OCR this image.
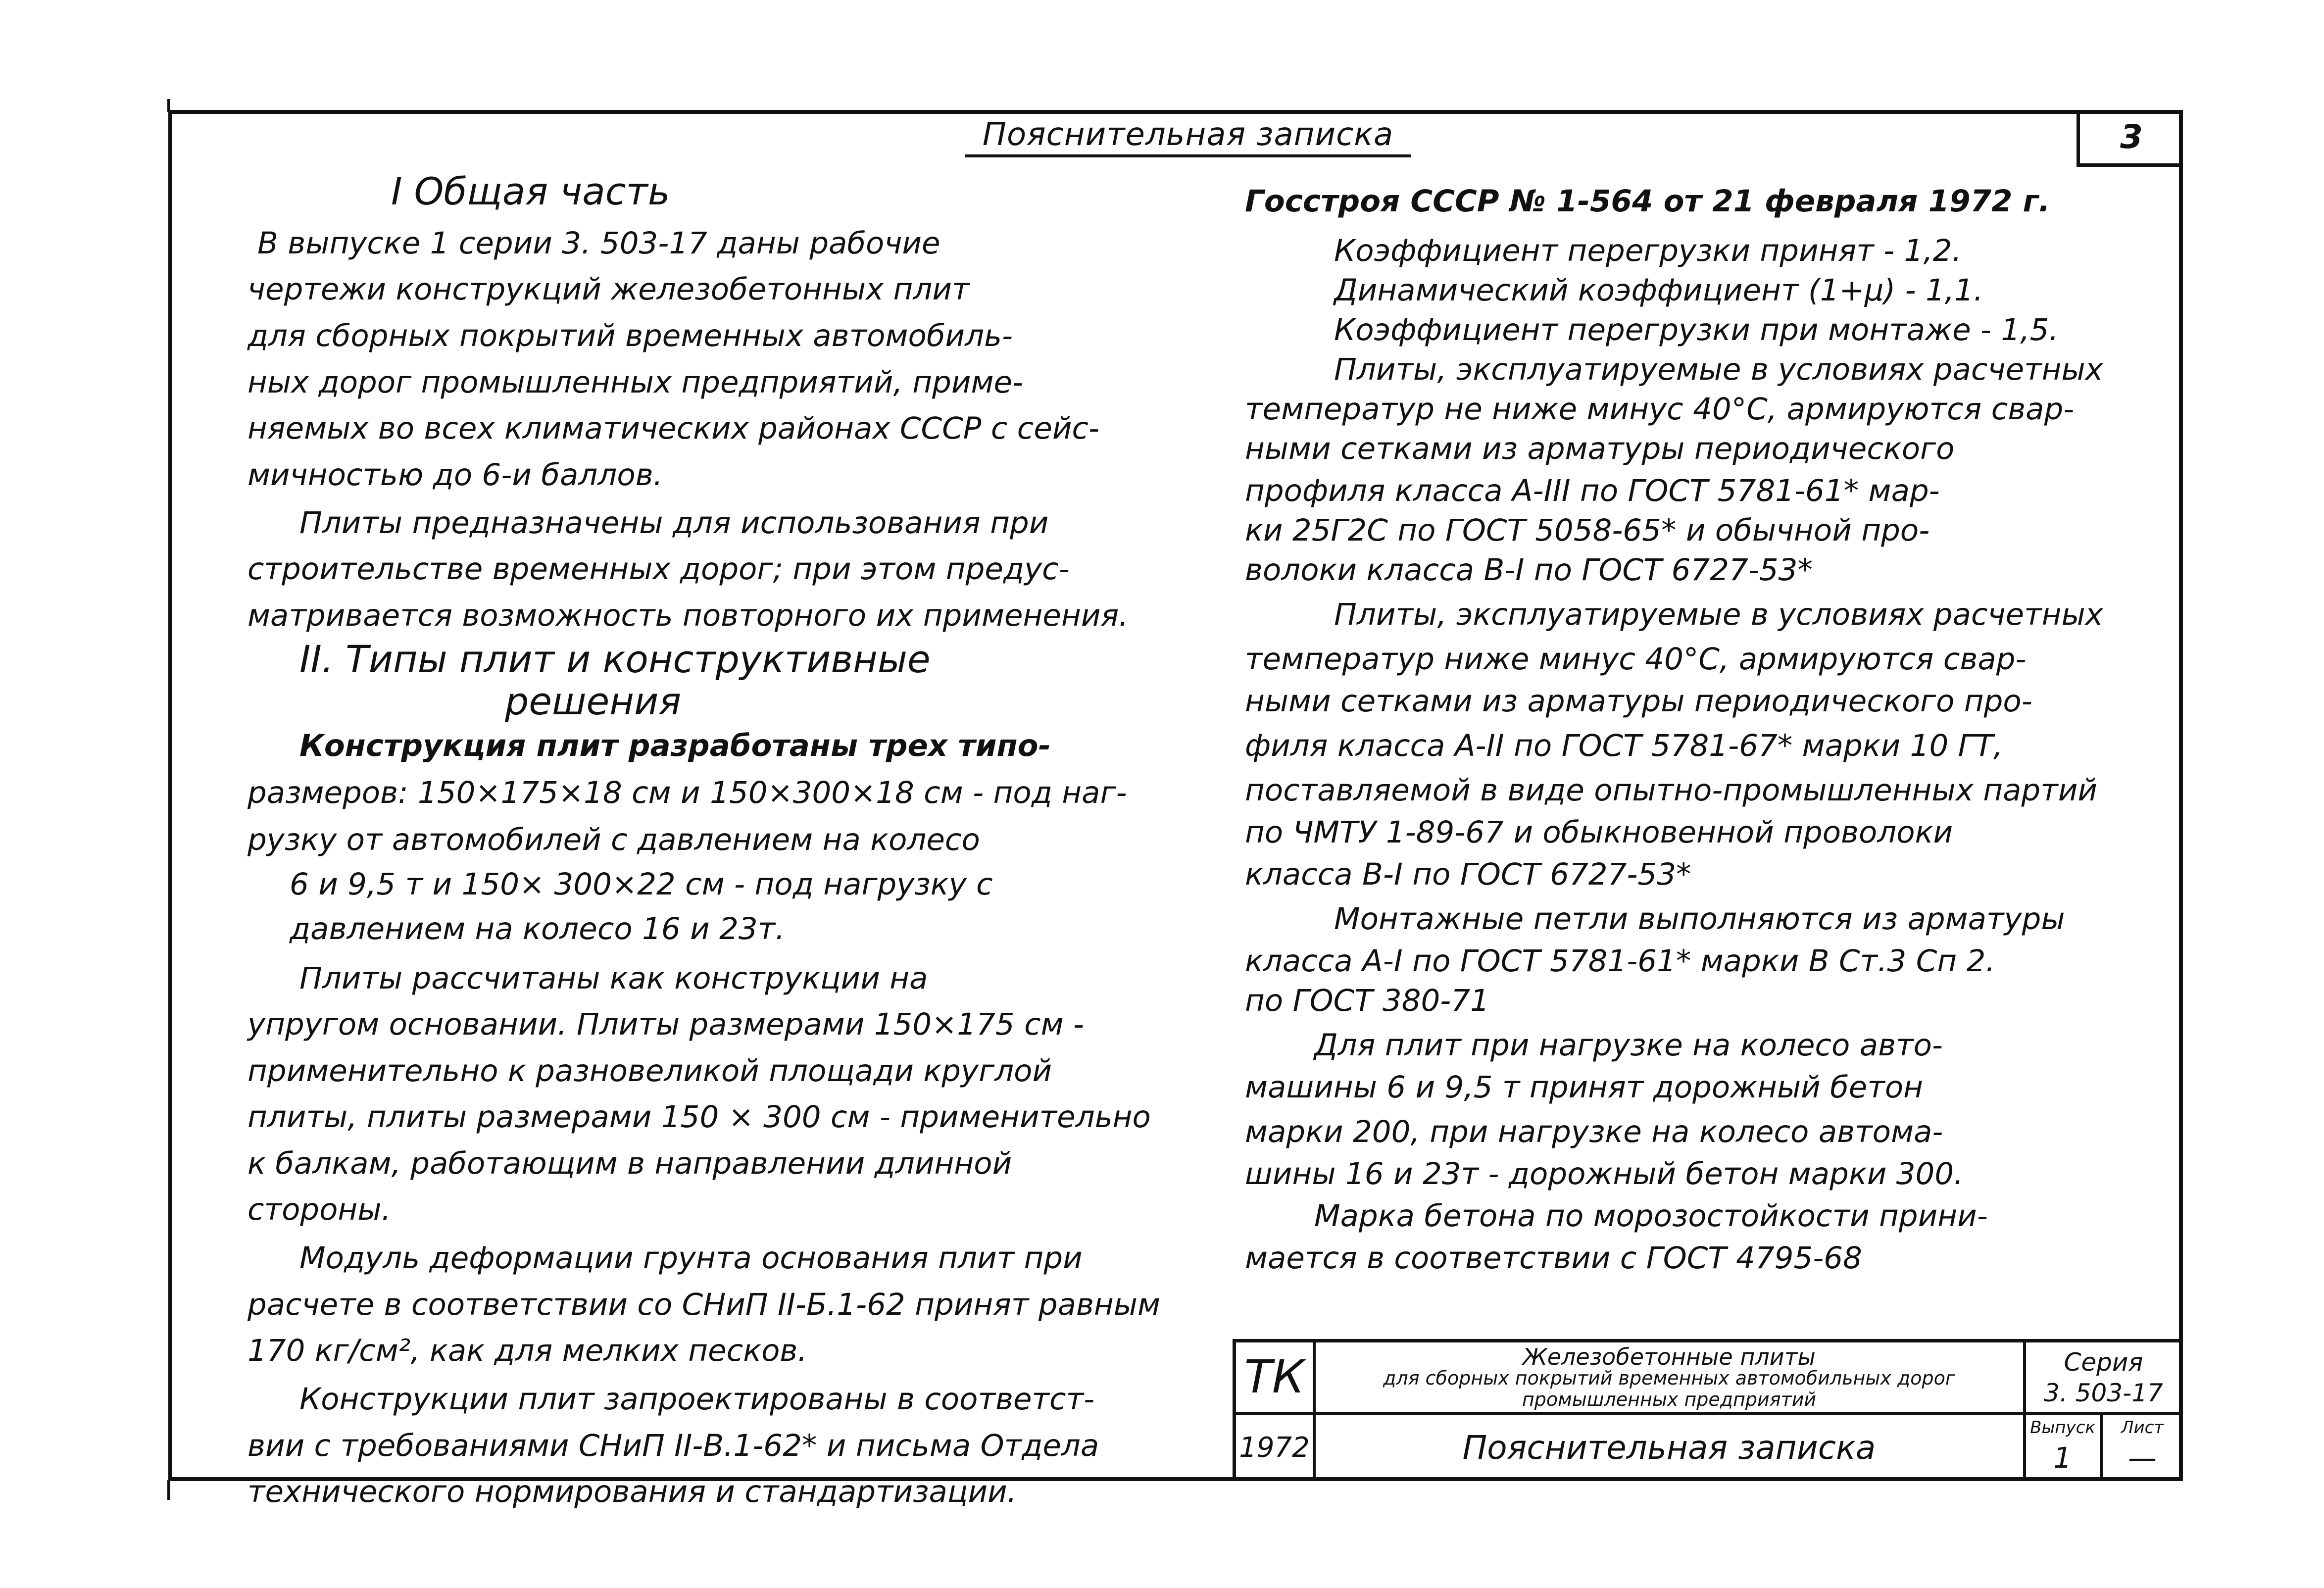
Пояснительная записка	3
I Общая часть
В выпуске 1 серии 3. 503-17 даны рабочие
чертежи конструкций железобетонных плит
для сборных покрытий временных автомобиль-
ных дорог промышленных предприятий, приме-
няемых во всех климатических районах СССР с сейс-
мичностью до 6-и баллов.
Плиты предназначены для использования при
строительстве временных дорог; при этом предус-
матривается возможность повторного их применения.
II. Типы плит и конструктивные
решения
Конструкция плит разработаны трех типо-
размеров: 150×175×18 см и 150×300×18 см - под наг-
рузку от автомобилей с давлением на колесо
6 и 9,5 т и 150× 300×22 см - под нагрузку с
давлением на колесо 16 и 23т.
Плиты рассчитаны как конструкции на
упругом основании. Плиты размерами 150×175 см -
применительно к разновеликой площади круглой
плиты, плиты размерами 150 × 300 см - применительно
к балкам, работающим в направлении длинной
стороны.
Модуль деформации грунта основания плит при
расчете в соответствии со СНиП II-Б.1-62 принят равным
170 кг/см², как для мелких песков.
Конструкции плит запроектированы в соответст-
вии с требованиями СНиП II-В.1-62* и письма Отдела
технического нормирования и стандартизации.
Госстроя СССР № 1-564 от 21 февраля 1972 г.
Коэффициент перегрузки принят - 1,2.
Динамический коэффициент (1+μ) - 1,1.
Коэффициент перегрузки при монтаже - 1,5.
Плиты, эксплуатируемые в условиях расчетных
температур не ниже минус 40°С, армируются свар-
ными сетками из арматуры периодического
профиля класса А-III по ГОСТ 5781-61* мар-
ки 25Г2С по ГОСТ 5058-65* и обычной про-
волоки класса В-I по ГОСТ 6727-53*
Плиты, эксплуатируемые в условиях расчетных
температур ниже минус 40°С, армируются свар-
ными сетками из арматуры периодического про-
филя класса А-II по ГОСТ 5781-67* марки 10 ГТ,
поставляемой в виде опытно-промышленных партий
по ЧМТУ 1-89-67 и обыкновенной проволоки
класса В-I по ГОСТ 6727-53*
Монтажные петли выполняются из арматуры
класса А-I по ГОСТ 5781-61* марки В Ст.3 Сп 2.
по ГОСТ 380-71
Для плит при нагрузке на колесо авто-
машины 6 и 9,5 т принят дорожный бетон
марки 200, при нагрузке на колесо автома-
шины 16 и 23т - дорожный бетон марки 300.
Марка бетона по морозостойкости прини-
мается в соответствии с ГОСТ 4795-68
ТК
1972
Железобетонные плиты
для сборных покрытий временных автомобильных дорог
промышленных предприятий
Пояснительная записка
Серия
3. 503-17
Выпуск
1
Лист
—
